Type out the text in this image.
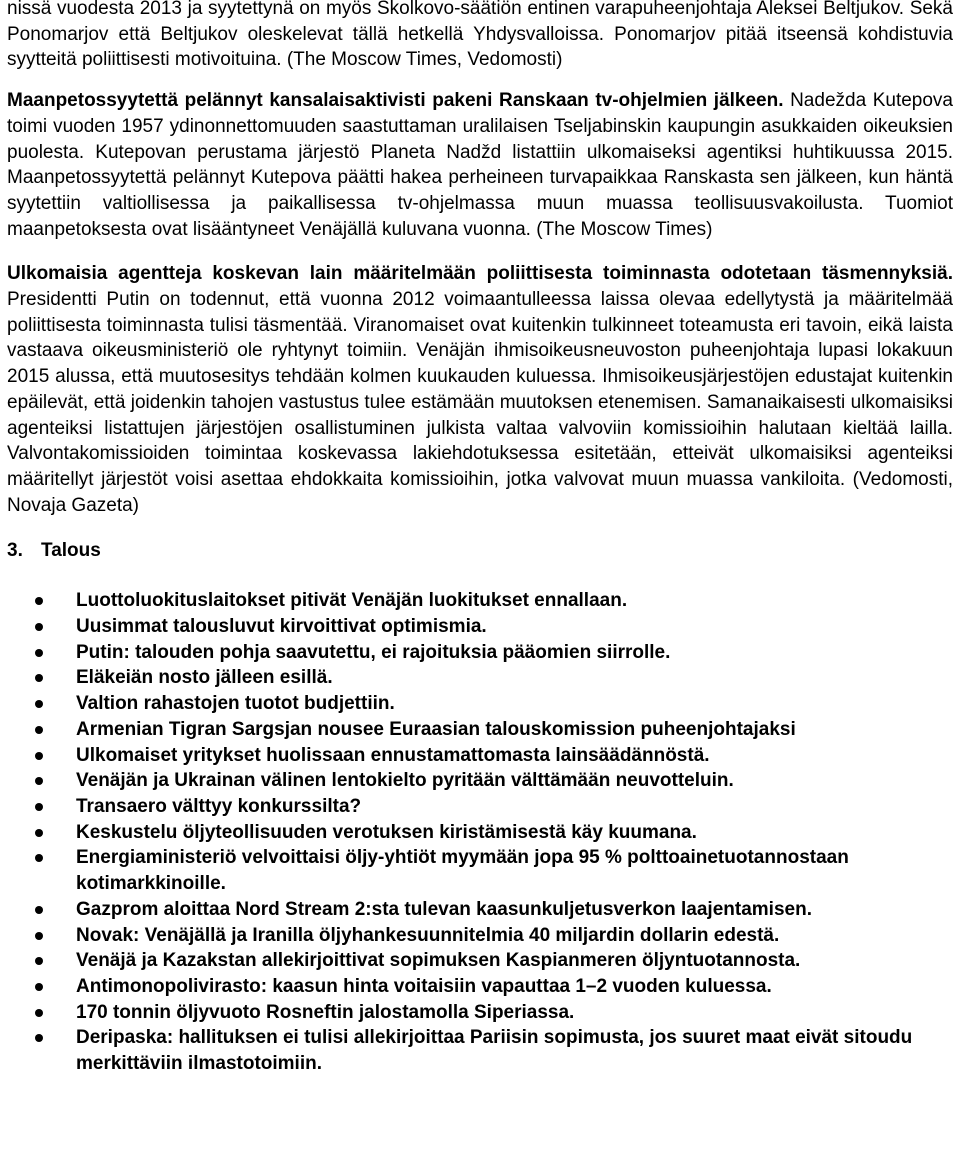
nissä vuodesta 2013 ja syytettynä on myös Skolkovo-säätiön entinen varapuheenjohtaja Aleksei Beltjukov. Sekä Ponomarjov että Beltjukov oleskelevat tällä hetkellä Yhdysvalloissa. Ponomarjov pitää itseensä kohdistuvia syytteitä poliittisesti motivoituina. (The Moscow Times, Vedomosti)

Maanpetossyytettä pelännyt kansalaisaktivisti pakeni Ranskaan tv-ohjelmien jälkeen. Nadežda Kutepova toimi vuoden 1957 ydinonnettomuuden saastuttaman uralilaisen Tseljabinskin kaupungin asukkaiden oikeuksien puolesta. Kutepovan perustama järjestö Planeta Nadžd listattiin ulkomaiseksi agentiksi huhtikuussa 2015. Maanpetossyytettä pelännyt Kutepova päätti hakea perheineen turvapaikkaa Ranskasta sen jälkeen, kun häntä syytettiin valtiollisessa ja paikallisessa tv-ohjelmassa muun muassa teollisuusvakoilusta. Tuomiot maanpetoksesta ovat lisääntyneet Venäjällä kuluvana vuonna. (The Moscow Times)

Ulkomaisia agentteja koskevan lain määritelmään poliittisesta toiminnasta odotetaan täsmennyksiä. Presidentti Putin on todennut, että vuonna 2012 voimaantulleessa laissa olevaa edellytystä ja määritelmää poliittisesta toiminnasta tulisi täsmentää. Viranomaiset ovat kuitenkin tulkinneet toteamusta eri tavoin, eikä laista vastaava oikeusministeriö ole ryhtynyt toimiin. Venäjän ihmisoikeusneuvoston puheenjohtaja lupasi lokakuun 2015 alussa, että muutosesitys tehdään kolmen kuukauden kuluessa. Ihmisoikeusjärjestöjen edustajat kuitenkin epäilevät, että joidenkin tahojen vastustus tulee estämään muutoksen etenemisen. Samanaikaisesti ulkomaisiksi agenteiksi listattujen järjestöjen osallistuminen julkista valtaa valvoviin komissioihin halutaan kieltää lailla. Valvontakomissioiden toimintaa koskevassa lakiehdotuksessa esitetään, etteivät ulkomaisiksi agenteiksi määritellyt järjestöt voisi asettaa ehdokkaita komissioihin, jotka valvovat muun muassa vankiloita. (Vedomosti, Novaja Gazeta)

3. Talous
Luottoluokituslaitokset pitivät Venäjän luokitukset ennallaan.
Uusimmat talousluvut kirvoittivat optimismia.
Putin: talouden pohja saavutettu, ei rajoituksia pääomien siirrolle.
Eläkeiän nosto jälleen esillä.
Valtion rahastojen tuotot budjettiin.
Armenian Tigran Sargsjan nousee Euraasian talouskomission puheenjohtajaksi
Ulkomaiset yritykset huolissaan ennustamattomasta lainsäädännöstä.
Venäjän ja Ukrainan välinen lentokielto pyritään välttämään neuvotteluin.
Transaero välttyy konkurssilta?
Keskustelu öljyteollisuuden verotuksen kiristämisestä käy kuumana.
Energiaministeriö velvoittaisi öljy-yhtiöt myymään jopa 95 % polttoainetuotannostaan kotimarkkinoille.
Gazprom aloittaa Nord Stream 2:sta tulevan kaasunkuljetusverkon laajentamisen.
Novak: Venäjällä ja Iranilla öljyhankesuunnitelmia 40 miljardin dollarin edestä.
Venäjä ja Kazakstan allekirjoittivat sopimuksen Kaspianmeren öljyntuotannosta.
Antimonopolivirasto: kaasun hinta voitaisiin vapauttaa 1–2 vuoden kuluessa.
170 tonnin öljyvuoto Rosneftin jalostamolla Siperiassa.
Deripaska: hallituksen ei tulisi allekirjoittaa Pariisin sopimusta, jos suuret maat eivät sitoudu merkittäviin ilmastotoimiin.
